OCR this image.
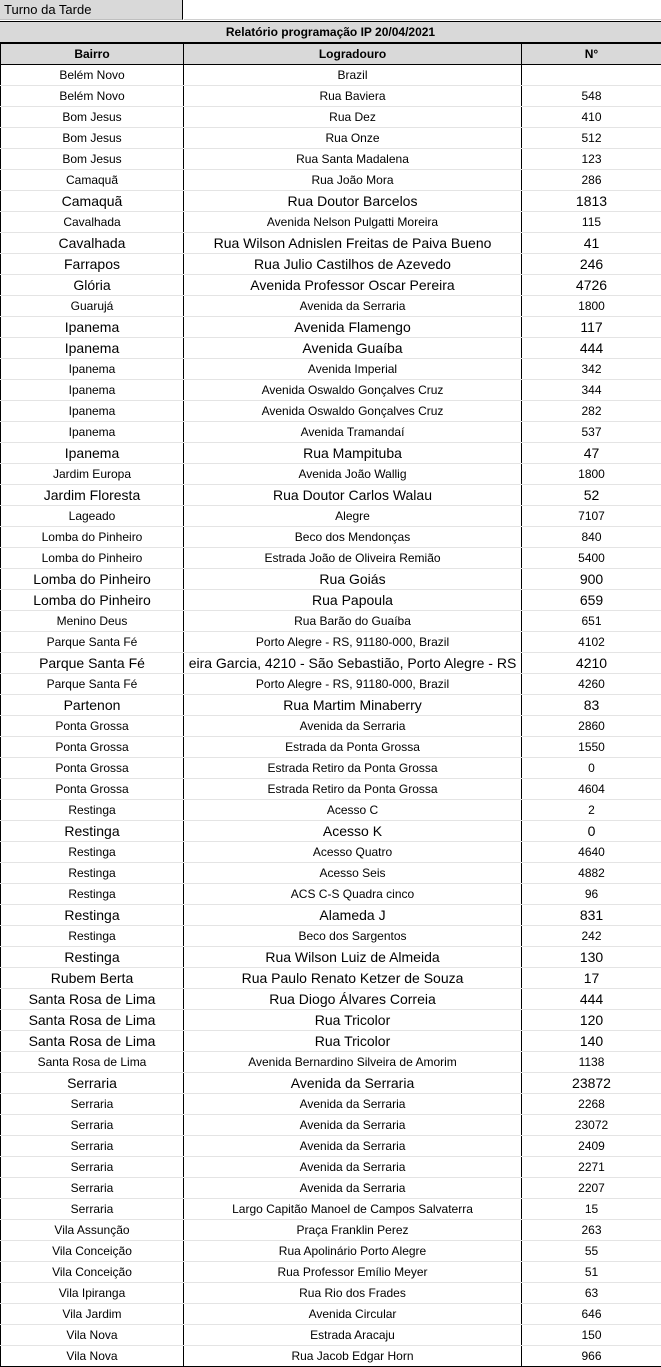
Turno da Tarde
Relatório programação IP 20/04/2021
Bairro	Logradouro	N°
Belém Novo	Brazil	
Belém Novo	Rua Baviera	548
Bom Jesus	Rua Dez	410
Bom Jesus	Rua Onze	512
Bom Jesus	Rua Santa Madalena	123
Camaquã	Rua João Mora	286
Camaquã	Rua Doutor Barcelos	1813
Cavalhada	Avenida Nelson Pulgatti Moreira	115
Cavalhada	Rua Wilson Adnislen Freitas de Paiva Bueno	41
Farrapos	Rua Julio Castilhos de Azevedo	246
Glória	Avenida Professor Oscar Pereira	4726
Guarujá	Avenida da Serraria	1800
Ipanema	Avenida Flamengo	117
Ipanema	Avenida Guaíba	444
Ipanema	Avenida Imperial	342
Ipanema	Avenida Oswaldo Gonçalves Cruz	344
Ipanema	Avenida Oswaldo Gonçalves Cruz	282
Ipanema	Avenida Tramandaí	537
Ipanema	Rua Mampituba	47
Jardim Europa	Avenida João Wallig	1800
Jardim Floresta	Rua Doutor Carlos Walau	52
Lageado	Alegre	7107
Lomba do Pinheiro	Beco dos Mendonças	840
Lomba do Pinheiro	Estrada João de Oliveira Remião	5400
Lomba do Pinheiro	Rua Goiás	900
Lomba do Pinheiro	Rua Papoula	659
Menino Deus	Rua Barão do Guaíba	651
Parque Santa Fé	Porto Alegre - RS, 91180-000, Brazil	4102
Parque Santa Fé	eira Garcia, 4210 - São Sebastião, Porto Alegre - RS	4210
Parque Santa Fé	Porto Alegre - RS, 91180-000, Brazil	4260
Partenon	Rua Martim Minaberry	83
Ponta Grossa	Avenida da Serraria	2860
Ponta Grossa	Estrada da Ponta Grossa	1550
Ponta Grossa	Estrada Retiro da Ponta Grossa	0
Ponta Grossa	Estrada Retiro da Ponta Grossa	4604
Restinga	Acesso C	2
Restinga	Acesso K	0
Restinga	Acesso Quatro	4640
Restinga	Acesso Seis	4882
Restinga	ACS C-S Quadra cinco	96
Restinga	Alameda J	831
Restinga	Beco dos Sargentos	242
Restinga	Rua Wilson Luiz de Almeida	130
Rubem Berta	Rua Paulo Renato Ketzer de Souza	17
Santa Rosa de Lima	Rua Diogo Álvares Correia	444
Santa Rosa de Lima	Rua Tricolor	120
Santa Rosa de Lima	Rua Tricolor	140
Santa Rosa de Lima	Avenida Bernardino Silveira de Amorim	1138
Serraria	Avenida da Serraria	23872
Serraria	Avenida da Serraria	2268
Serraria	Avenida da Serraria	23072
Serraria	Avenida da Serraria	2409
Serraria	Avenida da Serraria	2271
Serraria	Avenida da Serraria	2207
Serraria	Largo Capitão Manoel de Campos Salvaterra	15
Vila Assunção	Praça Franklin Perez	263
Vila Conceição	Rua Apolinário Porto Alegre	55
Vila Conceição	Rua Professor Emílio Meyer	51
Vila Ipiranga	Rua Rio dos Frades	63
Vila Jardim	Avenida Circular	646
Vila Nova	Estrada Aracaju	150
Vila Nova	Rua Jacob Edgar Horn	966
